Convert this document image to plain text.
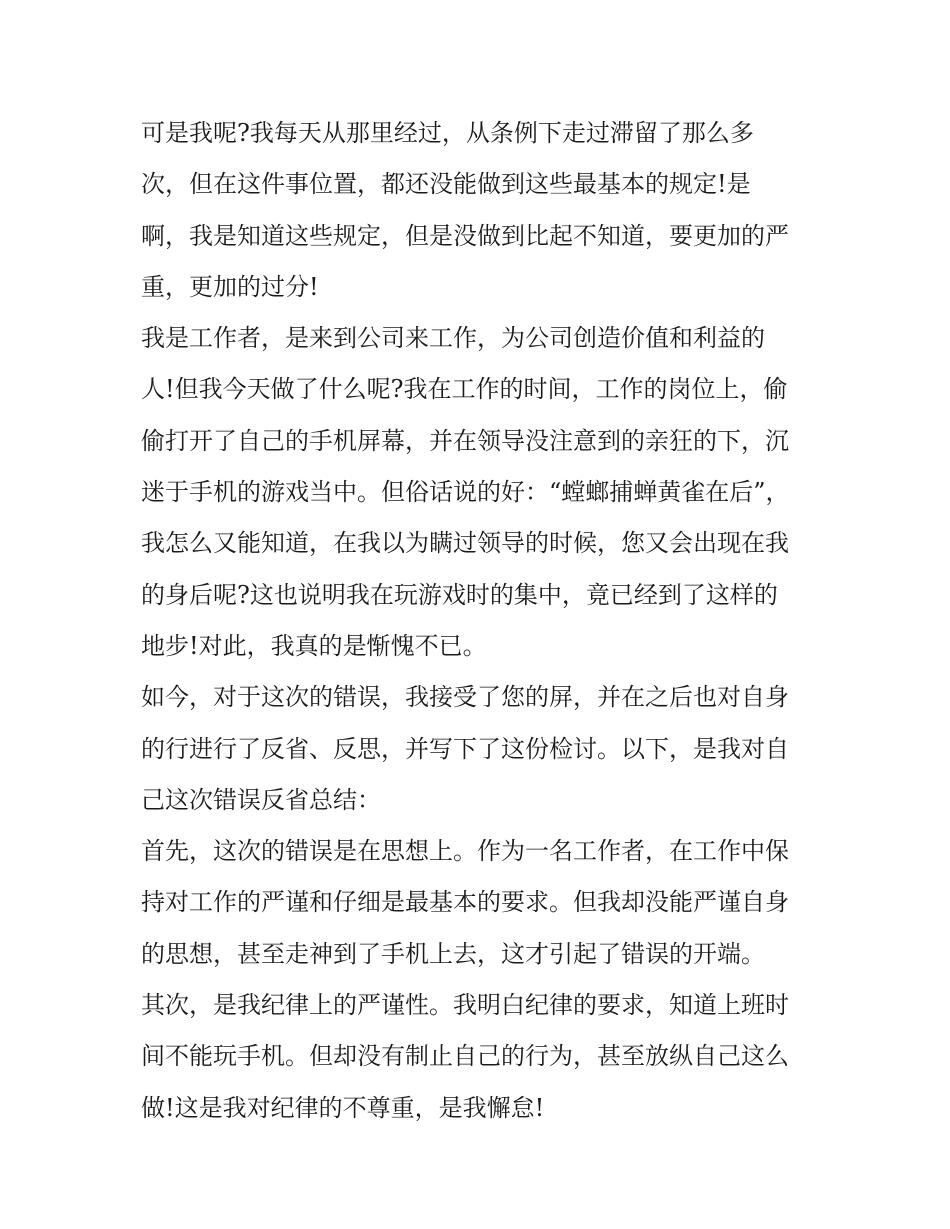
可是我呢?我每天从那里经过，从条例下走过滞留了那么多
次，但在这件事位置，都还没能做到这些最基本的规定!是
啊，我是知道这些规定，但是没做到比起不知道，要更加的严
重，更加的过分!
我是工作者，是来到公司来工作，为公司创造价值和利益的
人!但我今天做了什么呢?我在工作的时间，工作的岗位上，偷
偷打开了自己的手机屏幕，并在领导没注意到的亲狂的下，沉
迷于手机的游戏当中。但俗话说的好：“螳螂捕蝉黄雀在后”，
我怎么又能知道，在我以为瞒过领导的时候，您又会出现在我
的身后呢?这也说明我在玩游戏时的集中，竟已经到了这样的
地步!对此，我真的是惭愧不已。
如今，对于这次的错误，我接受了您的屏，并在之后也对自身
的行进行了反省、反思，并写下了这份检讨。以下，是我对自
己这次错误反省总结：
首先，这次的错误是在思想上。作为一名工作者，在工作中保
持对工作的严谨和仔细是最基本的要求。但我却没能严谨自身
的思想，甚至走神到了手机上去，这才引起了错误的开端。
其次，是我纪律上的严谨性。我明白纪律的要求，知道上班时
间不能玩手机。但却没有制止自己的行为，甚至放纵自己这么
做!这是我对纪律的不尊重，是我懈怠!
